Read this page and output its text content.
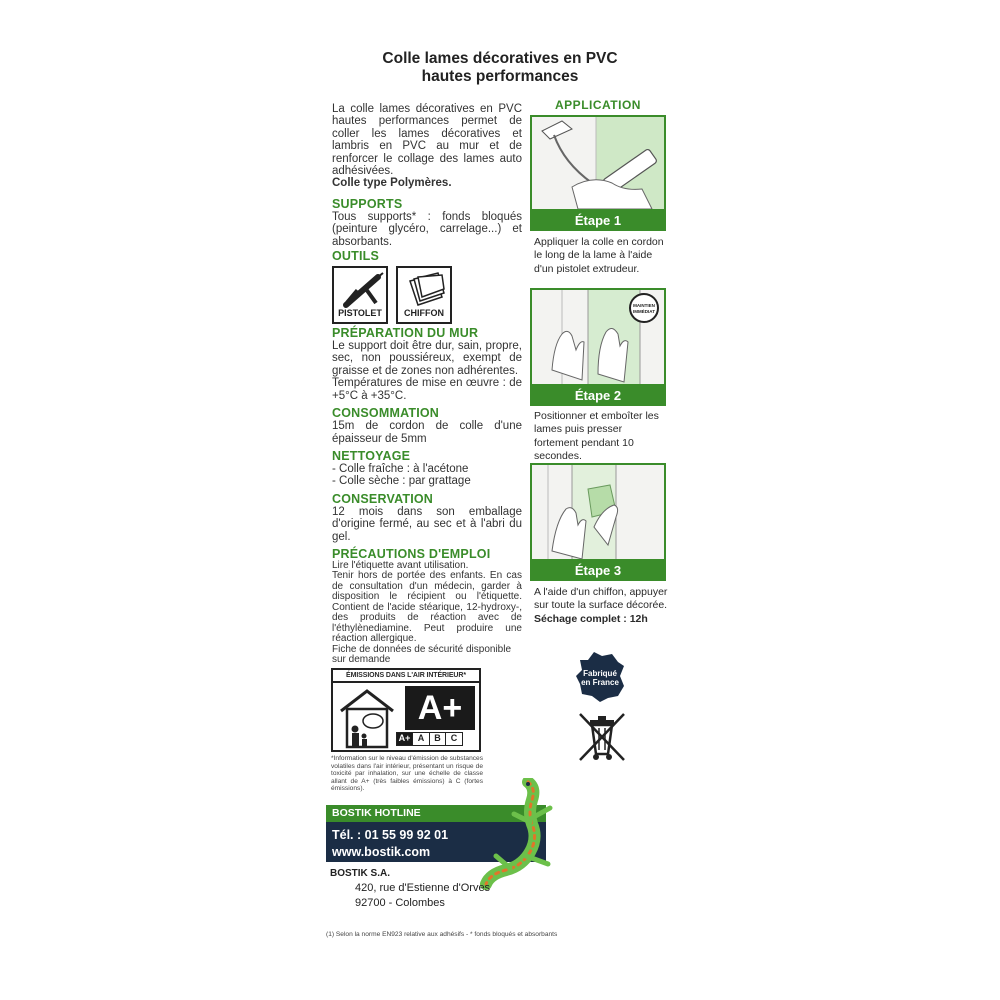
Colle lames décoratives en PVC
hautes performances
La colle lames décoratives en PVC hautes performances permet de coller les lames décoratives et lambris en PVC au mur et de renforcer le collage des lames auto adhésivées.
Colle type Polymères.
SUPPORTS
Tous supports* : fonds bloqués (peinture glycéro, carrelage...) et absorbants.
OUTILS
PISTOLET	CHIFFON
PRÉPARATION DU MUR
Le support doit être dur, sain, propre, sec, non poussiéreux, exempt de graisse et de zones non adhérentes.
Températures de mise en œuvre : de +5°C à +35°C.
CONSOMMATION
15m de cordon de colle d'une épaisseur de 5mm
NETTOYAGE
- Colle fraîche : à l'acétone
- Colle sèche : par grattage
CONSERVATION
12 mois dans son emballage d'origine fermé, au sec et à l'abri du gel.
PRÉCAUTIONS D'EMPLOI
Lire l'étiquette avant utilisation.
Tenir hors de portée des enfants. En cas de consultation d'un médecin, garder à disposition le récipient ou l'étiquette. Contient de l'acide stéarique, 12-hydroxy-, des produits de réaction avec de l'éthylènediamine. Peut produire une réaction allergique.
Fiche de données de sécurité disponible sur demande
APPLICATION
Étape 1
Appliquer la colle en cordon le long de la lame à l'aide d'un pistolet extrudeur.
MAINTIEN
IMMÉDIAT
Étape 2
Positionner et emboîter les lames puis presser fortement pendant 10 secondes.
Étape 3
A l'aide d'un chiffon, appuyer sur toute la surface décorée.
Séchage complet : 12h
Fabriqué
en France
ÉMISSIONS DANS L'AIR INTÉRIEUR*
A+
A+ A	B	C
*Information sur le niveau d'émission de substances volatiles dans l'air intérieur, présentant un risque de toxicité par inhalation, sur une échelle de classe allant de A+ (très faibles émissions) à C (fortes émissions).
BOSTIK HOTLINE
Tél. : 01 55 99 92 01
www.bostik.com
BOSTIK S.A.
420, rue d'Estienne d'Orves
92700 - Colombes
(1) Selon la norme EN923 relative aux adhésifs - * fonds bloqués et absorbants
